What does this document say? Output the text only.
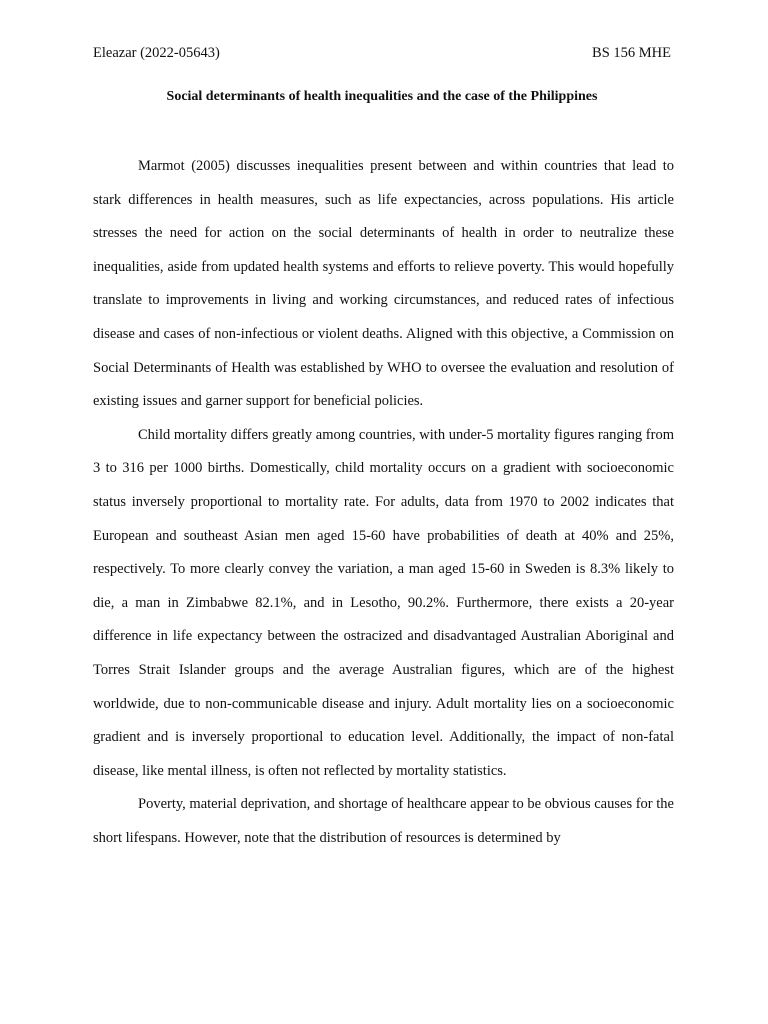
Eleazar (2022-05643)	BS 156 MHE
Social determinants of health inequalities and the case of the Philippines

Marmot (2005) discusses inequalities present between and within countries that lead to stark differences in health measures, such as life expectancies, across populations. His article stresses the need for action on the social determinants of health in order to neutralize these inequalities, aside from updated health systems and efforts to relieve poverty. This would hopefully translate to improvements in living and working circumstances, and reduced rates of infectious disease and cases of non-infectious or violent deaths. Aligned with this objective, a Commission on Social Determinants of Health was established by WHO to oversee the evaluation and resolution of existing issues and garner support for beneficial policies.

Child mortality differs greatly among countries, with under-5 mortality figures ranging from 3 to 316 per 1000 births. Domestically, child mortality occurs on a gradient with socioeconomic status inversely proportional to mortality rate. For adults, data from 1970 to 2002 indicates that European and southeast Asian men aged 15-60 have probabilities of death at 40% and 25%, respectively. To more clearly convey the variation, a man aged 15-60 in Sweden is 8.3% likely to die, a man in Zimbabwe 82.1%, and in Lesotho, 90.2%. Furthermore, there exists a 20-year difference in life expectancy between the ostracized and disadvantaged Australian Aboriginal and Torres Strait Islander groups and the average Australian figures, which are of the highest worldwide, due to non-communicable disease and injury. Adult mortality lies on a socioeconomic gradient and is inversely proportional to education level. Additionally, the impact of non-fatal disease, like mental illness, is often not reflected by mortality statistics.

Poverty, material deprivation, and shortage of healthcare appear to be obvious causes for the short lifespans. However, note that the distribution of resources is determined by
